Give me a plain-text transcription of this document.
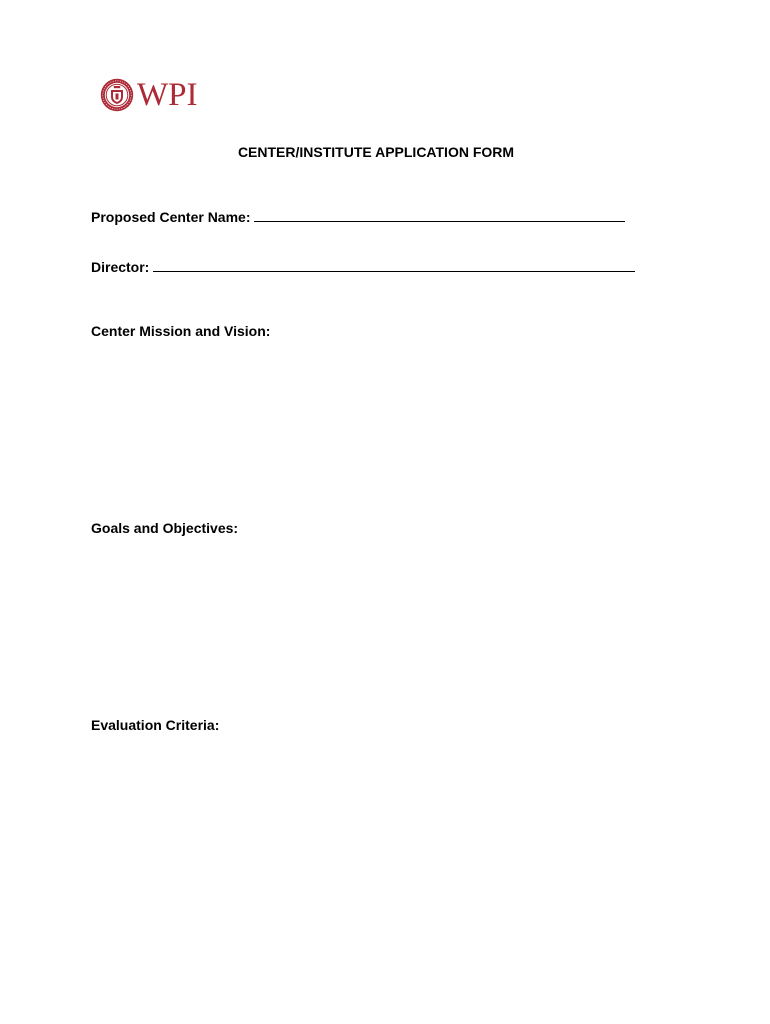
WPI
CENTER/INSTITUTE APPLICATION FORM
Proposed Center Name:
Director:
Center Mission and Vision:
Goals and Objectives:
Evaluation Criteria:
